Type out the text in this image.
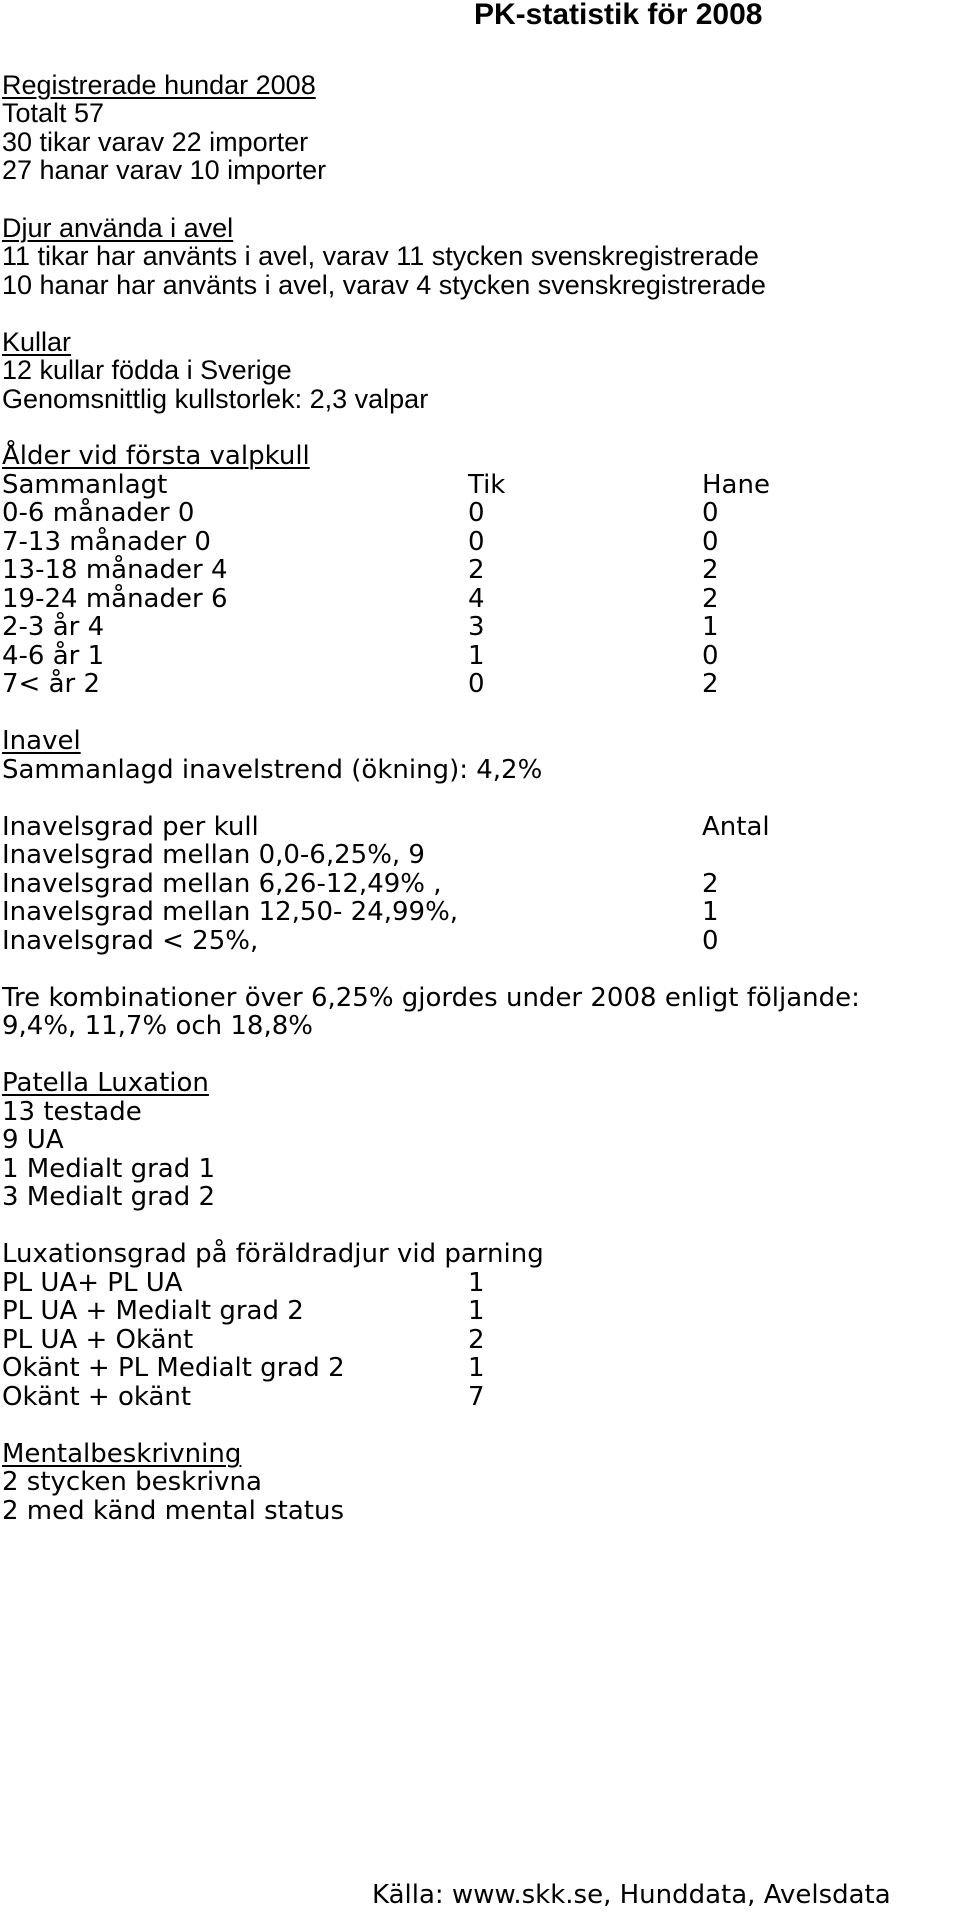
PK-statistik för 2008

Registrerade hundar 2008

Totalt 57

30 tikar varav 22 importer

27 hanar varav 10 importer

Djur använda i avel

11 tikar har använts i avel, varav 11 stycken svenskregistrerade

10 hanar har använts i avel, varav 4 stycken svenskregistrerade

Kullar

12 kullar födda i Sverige

Genomsnittlig kullstorlek: 2,3 valpar

Ålder vid första valpkull

Sammanlagt	Tik	Hane
0-6 månader 0	0	0
7-13 månader 0	0	0
13-18 månader 4	2	2
19-24 månader 6	4	2
2-3 år 4	3	1
4-6 år 1	1	0
7< år 2	0	2

Inavel

Sammanlagd inavelstrend (ökning): 4,2%

Inavelsgrad per kull	Antal
Inavelsgrad mellan 0,0-6,25%, 9
Inavelsgrad mellan 6,26-12,49% ,	2
Inavelsgrad mellan 12,50- 24,99%,	1
Inavelsgrad < 25%,	0

Tre kombinationer över 6,25% gjordes under 2008 enligt följande:

9,4%, 11,7% och 18,8%

Patella Luxation

13 testade

9 UA

1 Medialt grad 1

3 Medialt grad 2

Luxationsgrad på föräldradjur vid parning

PL UA+ PL UA	1
PL UA + Medialt grad 2	1
PL UA + Okänt	2
Okänt + PL Medialt grad 2	1
Okänt + okänt	7

Mentalbeskrivning

2 stycken beskrivna

2 med känd mental status

Källa: www.skk.se, Hunddata, Avelsdata
